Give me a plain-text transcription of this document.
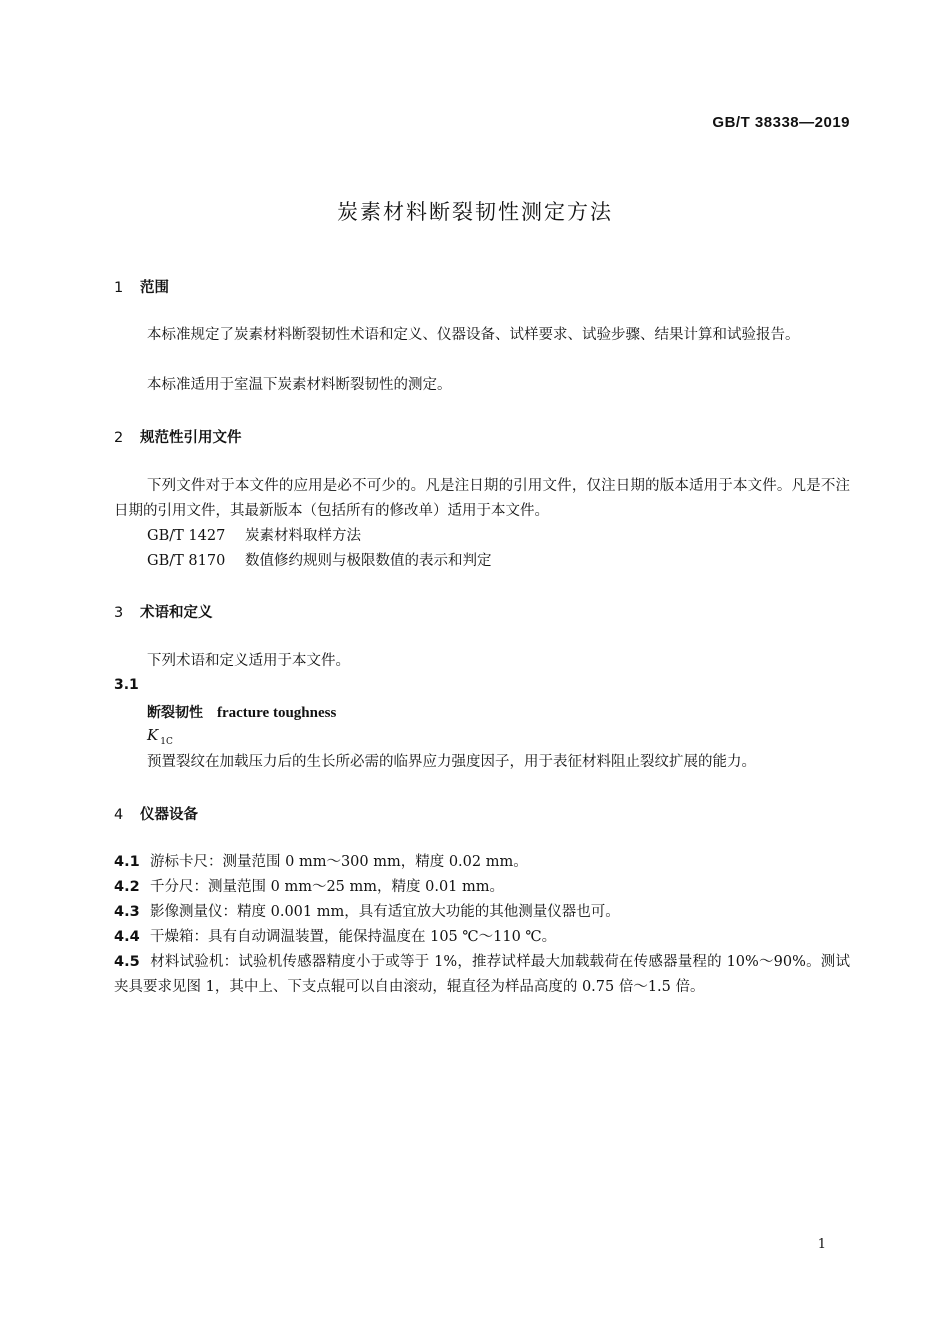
GB/T 38338—2019
炭素材料断裂韧性测定方法
1 范围
本标准规定了炭素材料断裂韧性术语和定义、仪器设备、试样要求、试验步骤、结果计算和试验报告。
本标准适用于室温下炭素材料断裂韧性的测定。
2 规范性引用文件
下列文件对于本文件的应用是必不可少的。凡是注日期的引用文件，仅注日期的版本适用于本文件。凡是不注日期的引用文件，其最新版本（包括所有的修改单）适用于本文件。
GB/T 1427 炭素材料取样方法
GB/T 8170 数值修约规则与极限数值的表示和判定
3 术语和定义
下列术语和定义适用于本文件。
3.1
断裂韧性 fracture toughness
K $_{1C}$
预置裂纹在加载压力后的生长所必需的临界应力强度因子，用于表征材料阻止裂纹扩展的能力。
4 仪器设备
4.1 游标卡尺：测量范围 0 mm～300 mm，精度 0.02 mm。
4.2 千分尺：测量范围 0 mm～25 mm，精度 0.01 mm。
4.3 影像测量仪：精度 0.001 mm，具有适宜放大功能的其他测量仪器也可。
4.4 干燥箱：具有自动调温装置，能保持温度在 105 ℃～110 ℃。
4.5 材料试验机：试验机传感器精度小于或等于 1%，推荐试样最大加载载荷在传感器量程的 10%～90%。测试夹具要求见图 1，其中上、下支点辊可以自由滚动，辊直径为样品高度的 0.75 倍～1.5 倍。
1
